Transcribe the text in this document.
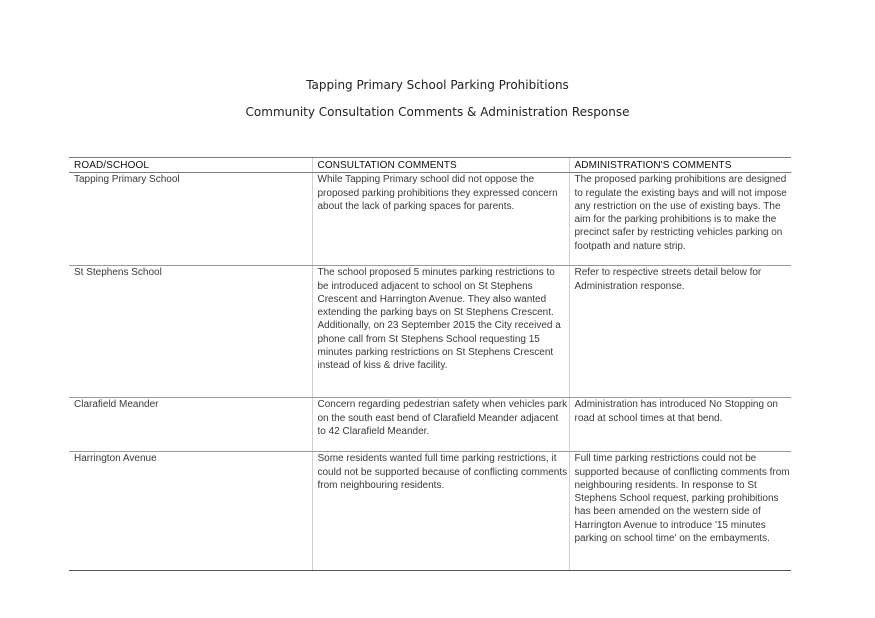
Tapping Primary School Parking Prohibitions
Community Consultation Comments & Administration Response
ROAD/SCHOOL	CONSULTATION COMMENTS	ADMINISTRATION'S COMMENTS
Tapping Primary School	While Tapping Primary school did not oppose the proposed parking prohibitions they expressed concern about the lack of parking spaces for parents.	The proposed parking prohibitions are designed to regulate the existing bays and will not impose any restriction on the use of existing bays. The aim for the parking prohibitions is to make the precinct safer by restricting vehicles parking on footpath and nature strip.
St Stephens School	The school proposed 5 minutes parking restrictions to be introduced adjacent to school on St Stephens Crescent and Harrington Avenue. They also wanted extending the parking bays on St Stephens Crescent. Additionally, on 23 September 2015 the City received a phone call from St Stephens School requesting 15 minutes parking restrictions on St Stephens Crescent instead of kiss & drive facility.	Refer to respective streets detail below for Administration response.
Clarafield Meander	Concern regarding pedestrian safety when vehicles park on the south east bend of Clarafield Meander adjacent to 42 Clarafield Meander.	Administration has introduced No Stopping on road at school times at that bend.
Harrington Avenue	Some residents wanted full time parking restrictions, it could not be supported because of conflicting comments from neighbouring residents.	Full time parking restrictions could not be supported because of conflicting comments from neighbouring residents. In response to St Stephens School request, parking prohibitions has been amended on the western side of Harrington Avenue to introduce '15 minutes parking on school time' on the embayments.
